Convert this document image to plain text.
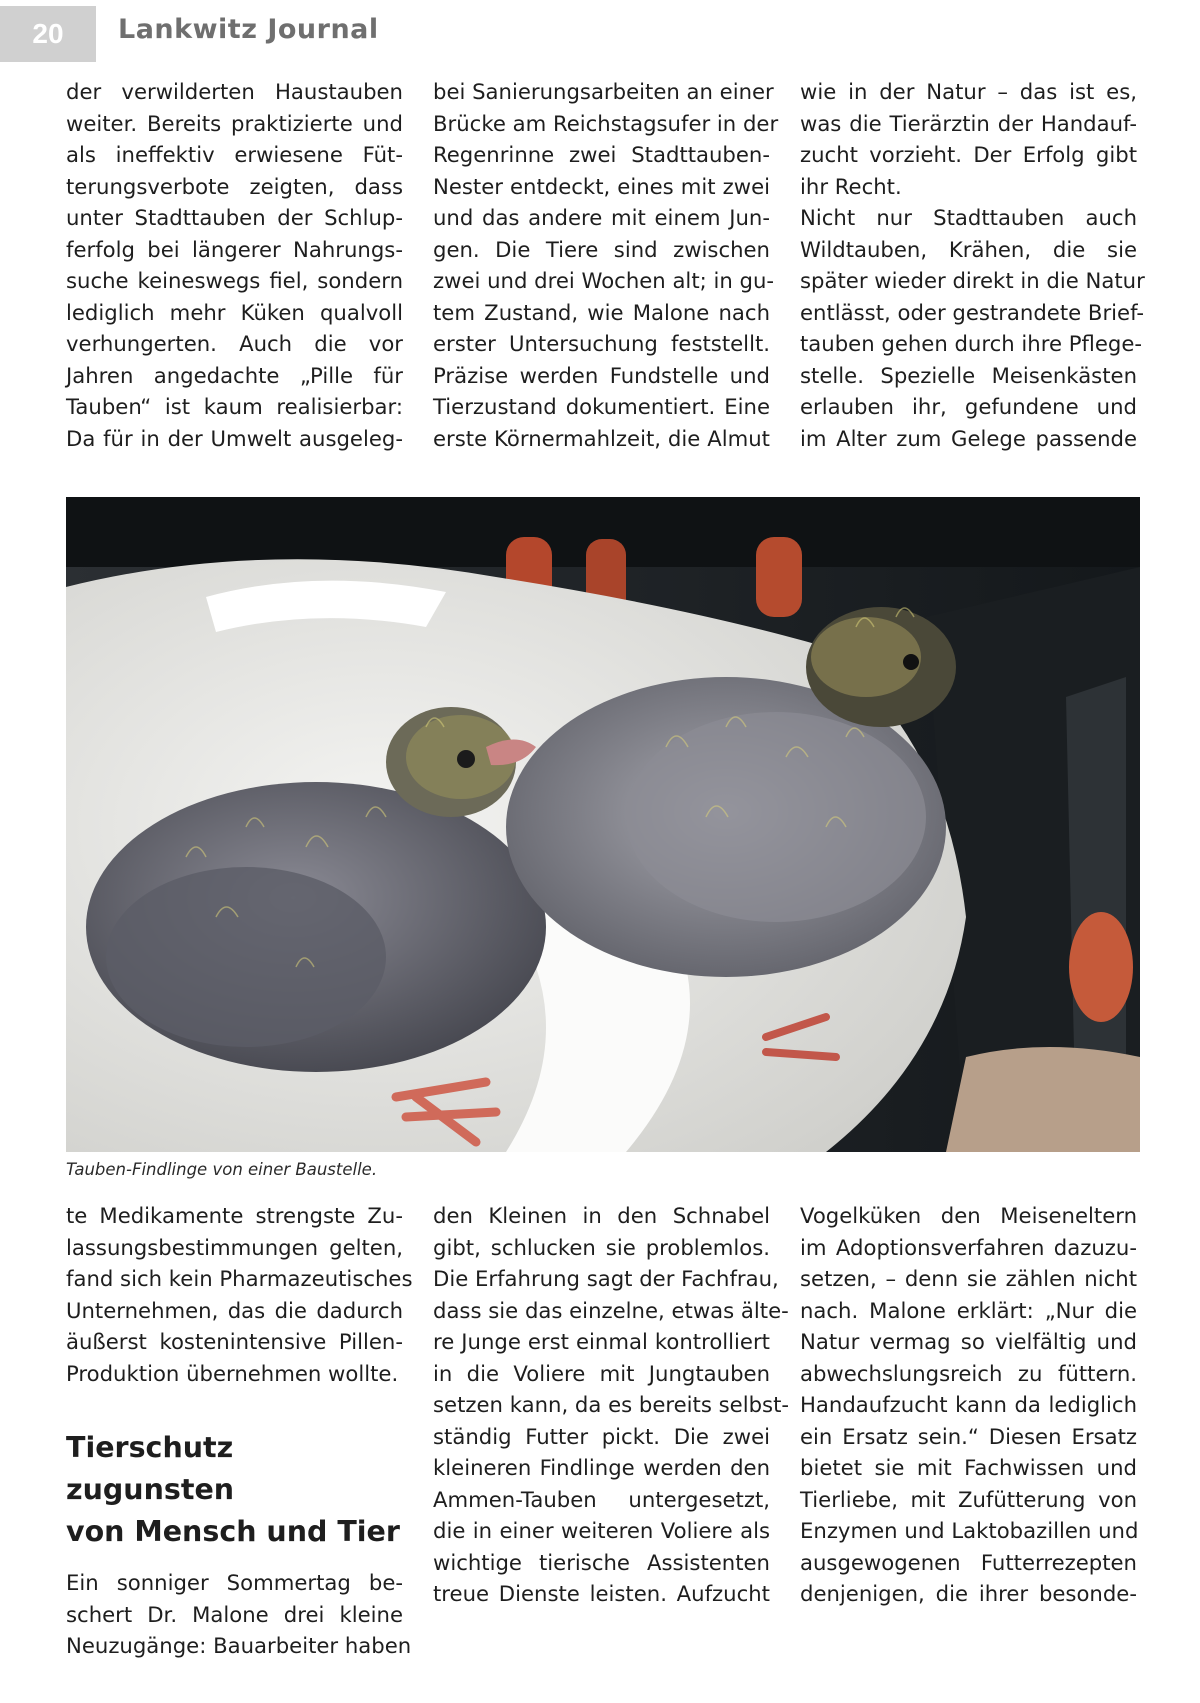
20	Lankwitz Journal
der verwilderten Haustauben
weiter. Bereits praktizierte und
als ineffektiv erwiesene Füt-
terungsverbote zeigten, dass
unter Stadttauben der Schlup-
ferfolg bei längerer Nahrungs-
suche keineswegs fiel, sondern
lediglich mehr Küken qualvoll
verhungerten. Auch die vor
Jahren angedachte „Pille für
Tauben“ ist kaum realisierbar:
Da für in der Umwelt ausgeleg-
bei Sanierungsarbeiten an einer
Brücke am Reichstagsufer in der
Regenrinne zwei Stadttauben-
Nester entdeckt, eines mit zwei
und das andere mit einem Jun-
gen. Die Tiere sind zwischen
zwei und drei Wochen alt; in gu-
tem Zustand, wie Malone nach
erster Untersuchung feststellt.
Präzise werden Fundstelle und
Tierzustand dokumentiert. Eine
erste Körnermahlzeit, die Almut
wie in der Natur – das ist es,
was die Tierärztin der Handauf-
zucht vorzieht. Der Erfolg gibt
ihr Recht.
Nicht nur Stadttauben auch
Wildtauben, Krähen, die sie
später wieder direkt in die Natur
entlässt, oder gestrandete Brief-
tauben gehen durch ihre Pflege-
stelle. Spezielle Meisenkästen
erlauben ihr, gefundene und
im Alter zum Gelege passende
Tauben-Findlinge von einer Baustelle.
te Medikamente strengste Zu-
lassungsbestimmungen gelten,
fand sich kein Pharmazeutisches
Unternehmen, das die dadurch
äußerst kostenintensive Pillen-
Produktion übernehmen wollte.
Tierschutz zugunsten
von Mensch und Tier
Ein sonniger Sommertag be-
schert Dr. Malone drei kleine
Neuzugänge: Bauarbeiter haben
den Kleinen in den Schnabel
gibt, schlucken sie problemlos.
Die Erfahrung sagt der Fachfrau,
dass sie das einzelne, etwas älte-
re Junge erst einmal kontrolliert
in die Voliere mit Jungtauben
setzen kann, da es bereits selbst-
ständig Futter pickt. Die zwei
kleineren Findlinge werden den
Ammen-Tauben untergesetzt,
die in einer weiteren Voliere als
wichtige tierische Assistenten
treue Dienste leisten. Aufzucht
Vogelküken den Meiseneltern
im Adoptionsverfahren dazuzu-
setzen, – denn sie zählen nicht
nach. Malone erklärt: „Nur die
Natur vermag so vielfältig und
abwechslungsreich zu füttern.
Handaufzucht kann da lediglich
ein Ersatz sein.“ Diesen Ersatz
bietet sie mit Fachwissen und
Tierliebe, mit Zufütterung von
Enzymen und Laktobazillen und
ausgewogenen Futterrezepten
denjenigen, die ihrer besonde-
